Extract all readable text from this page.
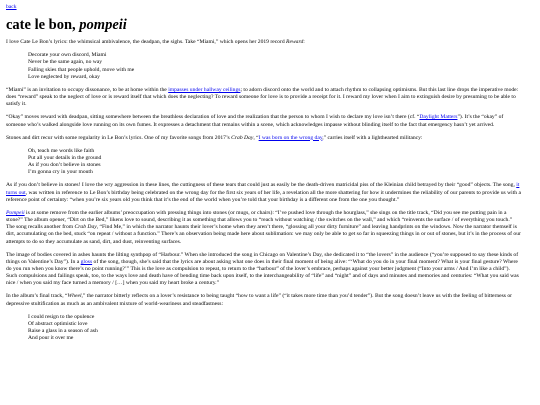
back
cate le bon, pompeii

I love Cate Le Bon’s lyrics: the whimsical ambivalence, the deadpan, the sighs. Take “Miami,” which opens her 2019 record Reward:

Decorate your own discord, Miami
Never be the same again, no way
Falling skies that people uphold, move with me
Love neglected by reward, okay

“Miami” is an invitation to occupy dissonance, to be at home within the impasses under hallway ceilings; to adorn discord onto the world and to attach rhythm to collapsing optimisms. But this last line drops the imperative mode: does “reward” speak to the neglect of love or is reward itself that which does the neglecting? To reward someone for love is to provide a receipt for it. I reward my lover when I aim to extinguish desire by presuming to be able to satisfy it.

“Okay” moves reward with deadpan, sitting somewhere between the breathless declaration of love and the realization that the person to whom I wish to declare my love isn’t there (cf. “Daylight Matters”). It’s the “okay” of someone who’s walked alongside love running on its own fumes. It expresses a detachment that remains within a scene, which acknowledges impasse without blinding itself to the fact that emergency hasn’t yet arrived.

Stones and dirt recur with some regularity in Le Bon’s lyrics. One of my favorite songs from 2017’s Crab Day, “I was born on the wrong day,” carries itself with a lighthearted militancy:

Oh, teach me words like faith
Put all your details in the ground
As if you don’t believe in stones
I’m gonna cry in your mouth

As if you don’t believe in stones! I love the wry aggression in these lines, the cuttingness of these tears that could just as easily be the death-driven matricidal piss of the Kleinian child betrayed by their “good” objects. The song, it turns out, was written in reference to Le Bon’s birthday being celebrated on the wrong day for the first six years of her life, a revelation all the more shattering for how it undermines the reliability of our parents to provide us with a reference point of certainty: “when you’re six years old you think that it’s the end of the world when you’re told that your birthday is a different one from the one you thought.”

Pompeii is at some remove from the earlier albums’ preoccupation with pressing things into stones (or mugs, or chairs): “I’ve pushed love through the hourglass,” she sings on the title track, “Did you see me putting pain in a stone?” The album opener, “Dirt on the Bed,” likens love to sound, describing it as something that allows you to “reach without watching / the switches on the wall,” and which “reinvents the surface / of everything you touch.” The song recalls another from Crab Day, “Find Me,” in which the narrator haunts their lover’s home when they aren’t there, “glossing all your dirty furniture” and leaving handprints on the windows. Now the narrator themself is dirt, accumulating on the bed, stuck “on repeat / without a function.” There’s an observation being made here about sublimation: we may only be able to get so far in squeezing things in or out of stones, but it’s in the process of our attempts to do so they accumulate as sand, dirt, and dust, reinventing surfaces.

The image of bodies covered in ashes haunts the lilting synthpop of “Harbour.” When she introduced the song in Chicago on Valentine’s Day, she dedicated it to “the lovers” in the audience (“you’re supposed to say these kinds of things on Valentine’s Day”). In a gloss of the song, though, she’s said that the lyrics are about asking what one does in their final moment of being alive: “‘What do you do in your final moment? What is your final gesture? Where do you run when you know there’s no point running?’” This is the love as compulsion to repeat, to return to the “harbour” of the lover’s embrace, perhaps against your better judgment (“Into your arms / And I’m like a child”). Such compulsions and failings speak, too, to the ways love and death have of bending time back upon itself, to the interchangeability of “life” and “night” and of days and minutes and memories and centuries: “What you said was nice / when you said my face turned a memory / […] when you said my heart broke a century.”

In the album’s final track, “Wheel,” the narrator bitterly reflects on a lover’s resistance to being taught “how to want a life” (“it takes more time than you’d tender”). But the song doesn’t leave us with the feeling of bitterness or depressive stultification as much as an ambivalent mixture of world-weariness and steadfastness:

I could resign to the opulence
Of abstract optimistic love
Raise a glass in a season of ash
And pour it over me
